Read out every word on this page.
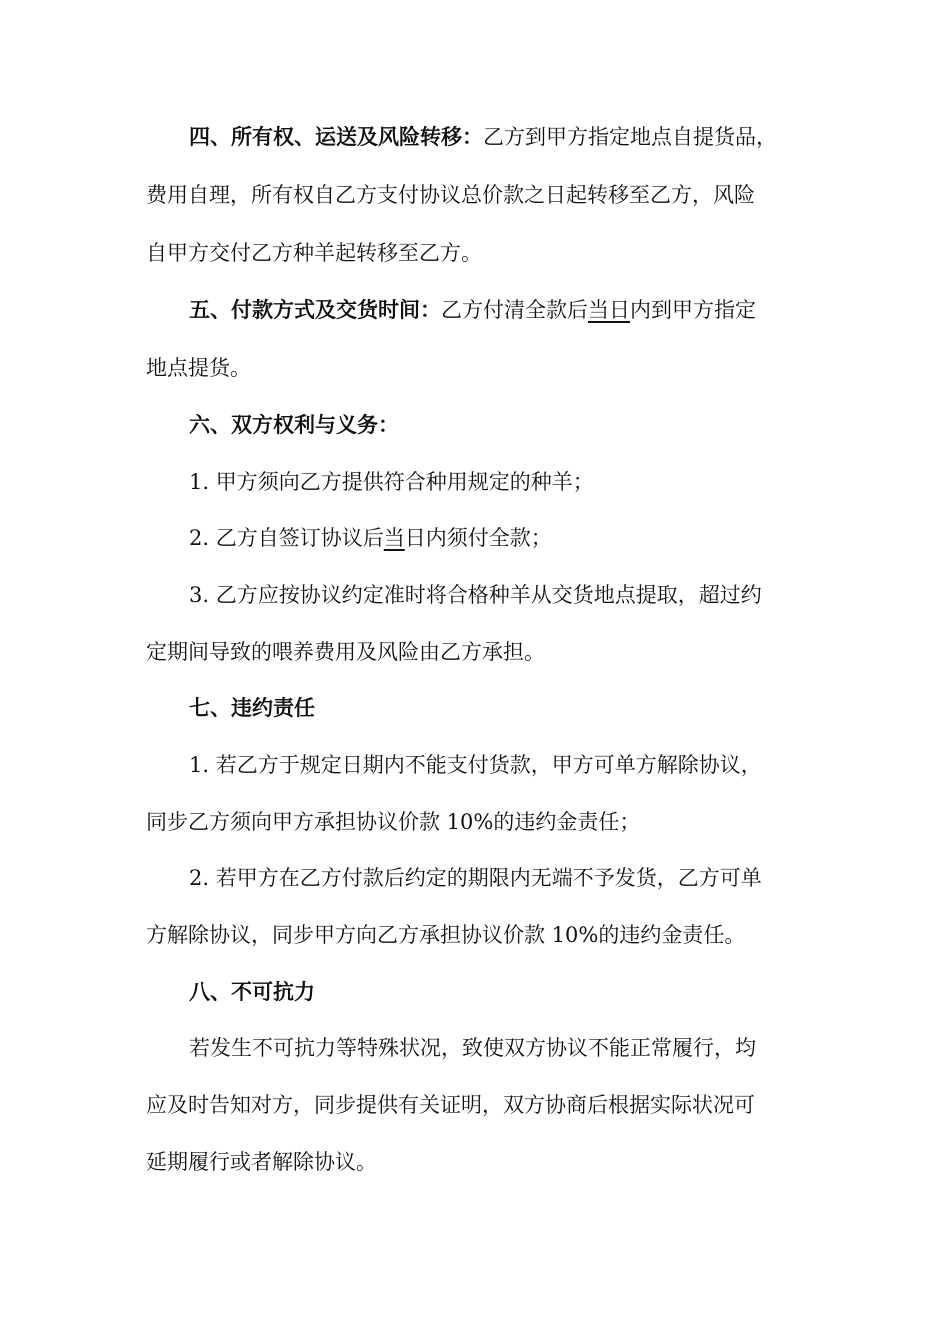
四、所有权、运送及风险转移：乙方到甲方指定地点自提货品，
费用自理，所有权自乙方支付协议总价款之日起转移至乙方，风险
自甲方交付乙方种羊起转移至乙方。
五、付款方式及交货时间：乙方付清全款后当日内到甲方指定
地点提货。
六、双方权利与义务：
1. 甲方须向乙方提供符合种用规定的种羊；
2. 乙方自签订协议后当日内须付全款；
3. 乙方应按协议约定准时将合格种羊从交货地点提取，超过约
定期间导致的喂养费用及风险由乙方承担。
七、违约责任
1. 若乙方于规定日期内不能支付货款，甲方可单方解除协议，
同步乙方须向甲方承担协议价款 10%的违约金责任；
2. 若甲方在乙方付款后约定的期限内无端不予发货，乙方可单
方解除协议，同步甲方向乙方承担协议价款 10%的违约金责任。
八、不可抗力
若发生不可抗力等特殊状况，致使双方协议不能正常履行，均
应及时告知对方，同步提供有关证明，双方协商后根据实际状况可
延期履行或者解除协议。
